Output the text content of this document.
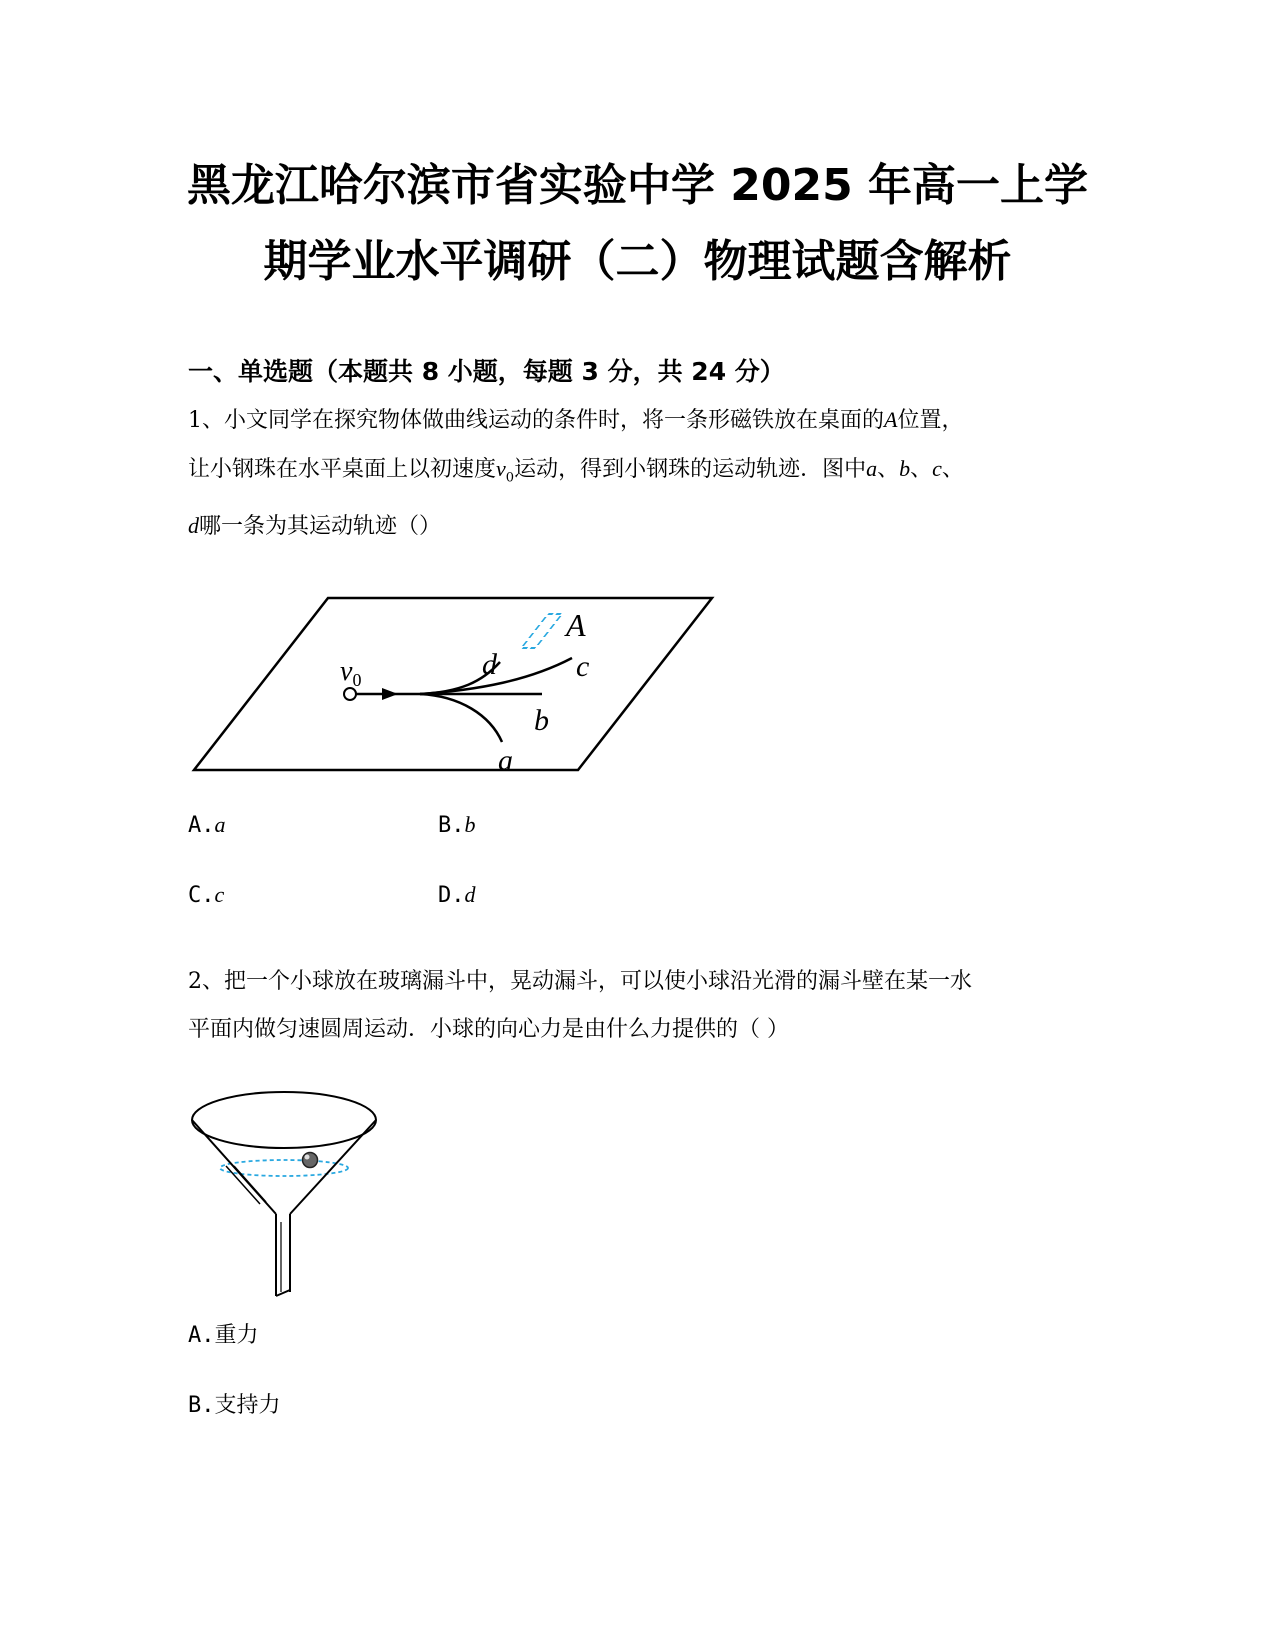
黑龙江哈尔滨市省实验中学 2025 年高一上学
期学业水平调研（二）物理试题含解析
一、单选题（本题共 8 小题，每题 3 分，共 24 分）
1、小文同学在探究物体做曲线运动的条件时，将一条形磁铁放在桌面的A位置，
让小钢珠在水平桌面上以初速度$v_0$运动，得到小钢珠的运动轨迹．图中a、b、c、
d哪一条为其运动轨迹（）
A
$v_0$	d	c
b
a
A.a	B.b
C.c	D.d
2、把一个小球放在玻璃漏斗中，晃动漏斗，可以使小球沿光滑的漏斗壁在某一水
平面内做匀速圆周运动．小球的向心力是由什么力提供的（ ）
A.重力
B.支持力
